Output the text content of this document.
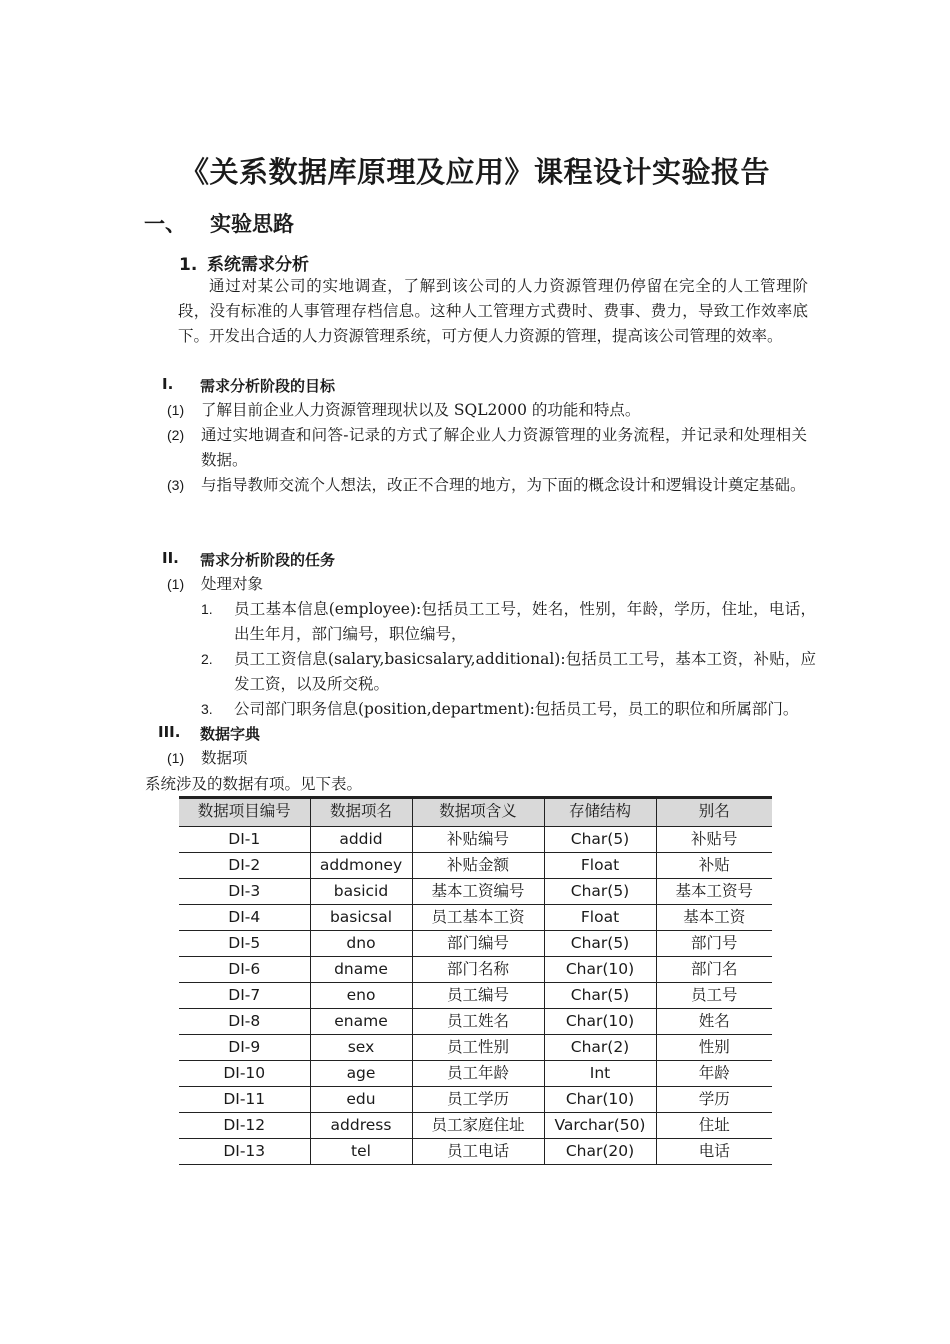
《关系数据库原理及应用》课程设计实验报告
一、 实验思路
1. 系统需求分析
通过对某公司的实地调查，了解到该公司的人力资源管理仍停留在完全的人工管理阶段，没有标准的人事管理存档信息。这种人工管理方式费时、费事、费力，导致工作效率底下。开发出合适的人力资源管理系统，可方便人力资源的管理，提高该公司管理的效率。
I. 需求分析阶段的目标
(1) 了解目前企业人力资源管理现状以及 SQL2000 的功能和特点。
(2) 通过实地调查和问答-记录的方式了解企业人力资源管理的业务流程，并记录和处理相关数据。
(3) 与指导教师交流个人想法，改正不合理的地方，为下面的概念设计和逻辑设计奠定基础。
II. 需求分析阶段的任务
(1) 处理对象
1. 员工基本信息(employee):包括员工工号，姓名，性别，年龄，学历，住址，电话，出生年月，部门编号，职位编号，
2. 员工工资信息(salary,basicsalary,additional):包括员工工号，基本工资，补贴，应发工资，以及所交税。
3. 公司部门职务信息(position,department):包括员工号，员工的职位和所属部门。
III. 数据字典
(1) 数据项
系统涉及的数据有项。见下表。
数据项目编号	数据项名	数据项含义	存储结构	别名
DI-1	addid	补贴编号	Char(5)	补贴号
DI-2	addmoney	补贴金额	Float	补贴
DI-3	basicid	基本工资编号	Char(5)	基本工资号
DI-4	basicsal	员工基本工资	Float	基本工资
DI-5	dno	部门编号	Char(5)	部门号
DI-6	dname	部门名称	Char(10)	部门名
DI-7	eno	员工编号	Char(5)	员工号
DI-8	ename	员工姓名	Char(10)	姓名
DI-9	sex	员工性别	Char(2)	性别
DI-10	age	员工年龄	Int	年龄
DI-11	edu	员工学历	Char(10)	学历
DI-12	address	员工家庭住址	Varchar(50)	住址
DI-13	tel	员工电话	Char(20)	电话
